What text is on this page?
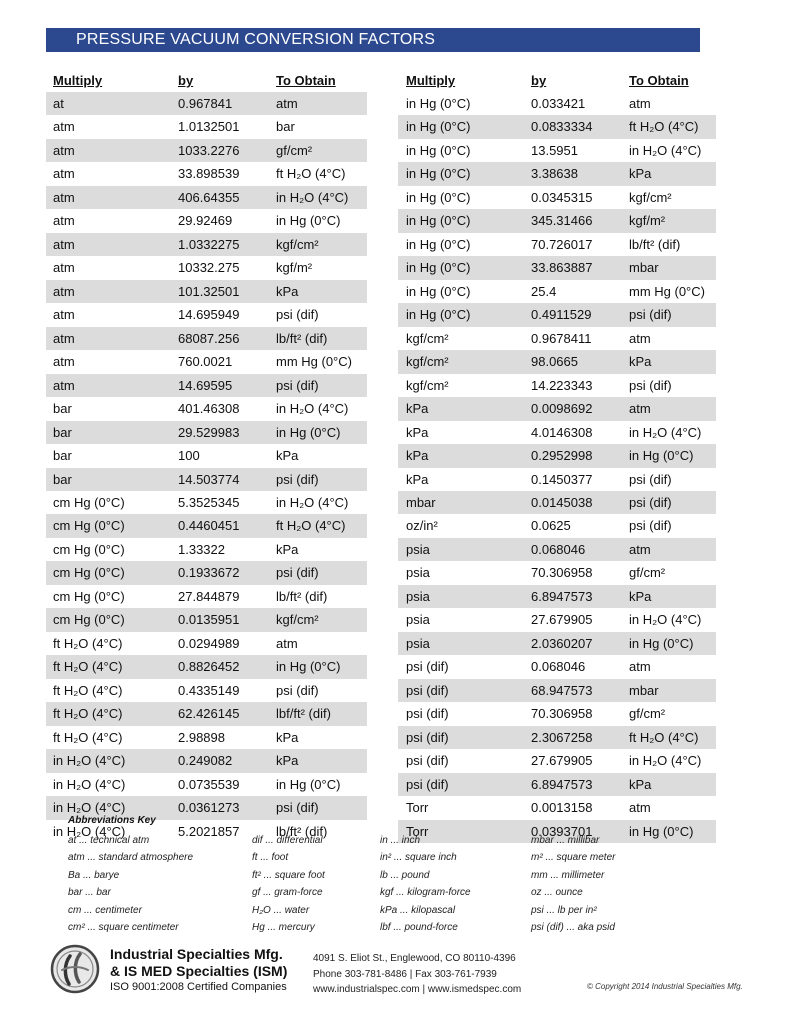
PRESSURE VACUUM CONVERSION FACTORS
Multiply	by	To Obtain
at	0.967841	atm
atm	1.0132501	bar
atm	1033.2276	gf/cm²
atm	33.898539	ft H₂O (4°C)
atm	406.64355	in H₂O (4°C)
atm	29.92469	in Hg (0°C)
atm	1.0332275	kgf/cm²
atm	10332.275	kgf/m²
atm	101.32501	kPa
atm	14.695949	psi (dif)
atm	68087.256	lb/ft² (dif)
atm	760.0021	mm Hg (0°C)
atm	14.69595	psi (dif)
bar	401.46308	in H₂O (4°C)
bar	29.529983	in Hg (0°C)
bar	100	kPa
bar	14.503774	psi (dif)
cm Hg (0°C)	5.3525345	in H₂O (4°C)
cm Hg (0°C)	0.4460451	ft H₂O (4°C)
cm Hg (0°C)	1.33322	kPa
cm Hg (0°C)	0.1933672	psi (dif)
cm Hg (0°C)	27.844879	lb/ft² (dif)
cm Hg (0°C)	0.0135951	kgf/cm²
ft H₂O (4°C)	0.0294989	atm
ft H₂O (4°C)	0.8826452	in Hg (0°C)
ft H₂O (4°C)	0.4335149	psi (dif)
ft H₂O (4°C)	62.426145	lbf/ft² (dif)
ft H₂O (4°C)	2.98898	kPa
in H₂O (4°C)	0.249082	kPa
in H₂O (4°C)	0.0735539	in Hg (0°C)
in H₂O (4°C)	0.0361273	psi (dif)
in H₂O (4°C)	5.2021857	lb/ft² (dif)
Multiply	by	To Obtain
in Hg (0°C)	0.033421	atm
in Hg (0°C)	0.0833334	ft H₂O (4°C)
in Hg (0°C)	13.5951	in H₂O (4°C)
in Hg (0°C)	3.38638	kPa
in Hg (0°C)	0.0345315	kgf/cm²
in Hg (0°C)	345.31466	kgf/m²
in Hg (0°C)	70.726017	lb/ft² (dif)
in Hg (0°C)	33.863887	mbar
in Hg (0°C)	25.4	mm Hg (0°C)
in Hg (0°C)	0.4911529	psi (dif)
kgf/cm²	0.9678411	atm
kgf/cm²	98.0665	kPa
kgf/cm²	14.223343	psi (dif)
kPa	0.0098692	atm
kPa	4.0146308	in H₂O (4°C)
kPa	0.2952998	in Hg (0°C)
kPa	0.1450377	psi (dif)
mbar	0.0145038	psi (dif)
oz/in²	0.0625	psi (dif)
psia	0.068046	atm
psia	70.306958	gf/cm²
psia	6.8947573	kPa
psia	27.679905	in H₂O (4°C)
psia	2.0360207	in Hg (0°C)
psi (dif)	0.068046	atm
psi (dif)	68.947573	mbar
psi (dif)	70.306958	gf/cm²
psi (dif)	2.3067258	ft H₂O (4°C)
psi (dif)	27.679905	in H₂O (4°C)
psi (dif)	6.8947573	kPa
Torr	0.0013158	atm
Torr	0.0393701	in Hg (0°C)
Abbreviations Key
at ... technical atm
atm ... standard atmosphere
Ba ... barye
bar ... bar
cm ... centimeter
cm² ... square centimeter
dif ... differential
ft ... foot
ft² ... square foot
gf ... gram-force
H₂O ... water
Hg ... mercury
in ... inch
in² ... square inch
lb ... pound
kgf ... kilogram-force
kPa ... kilopascal
lbf ... pound-force
mbar ... millibar
m² ... square meter
mm ... millimeter
oz ... ounce
psi ... lb per in²
psi (dif) ... aka psid
Industrial Specialties Mfg.
& IS MED Specialties (ISM)
ISO 9001:2008 Certified Companies
4091 S. Eliot St., Englewood, CO 80110-4396
Phone 303-781-8486 | Fax 303-761-7939
www.industrialspec.com | www.ismedspec.com	© Copyright 2014 Industrial Specialties Mfg.
